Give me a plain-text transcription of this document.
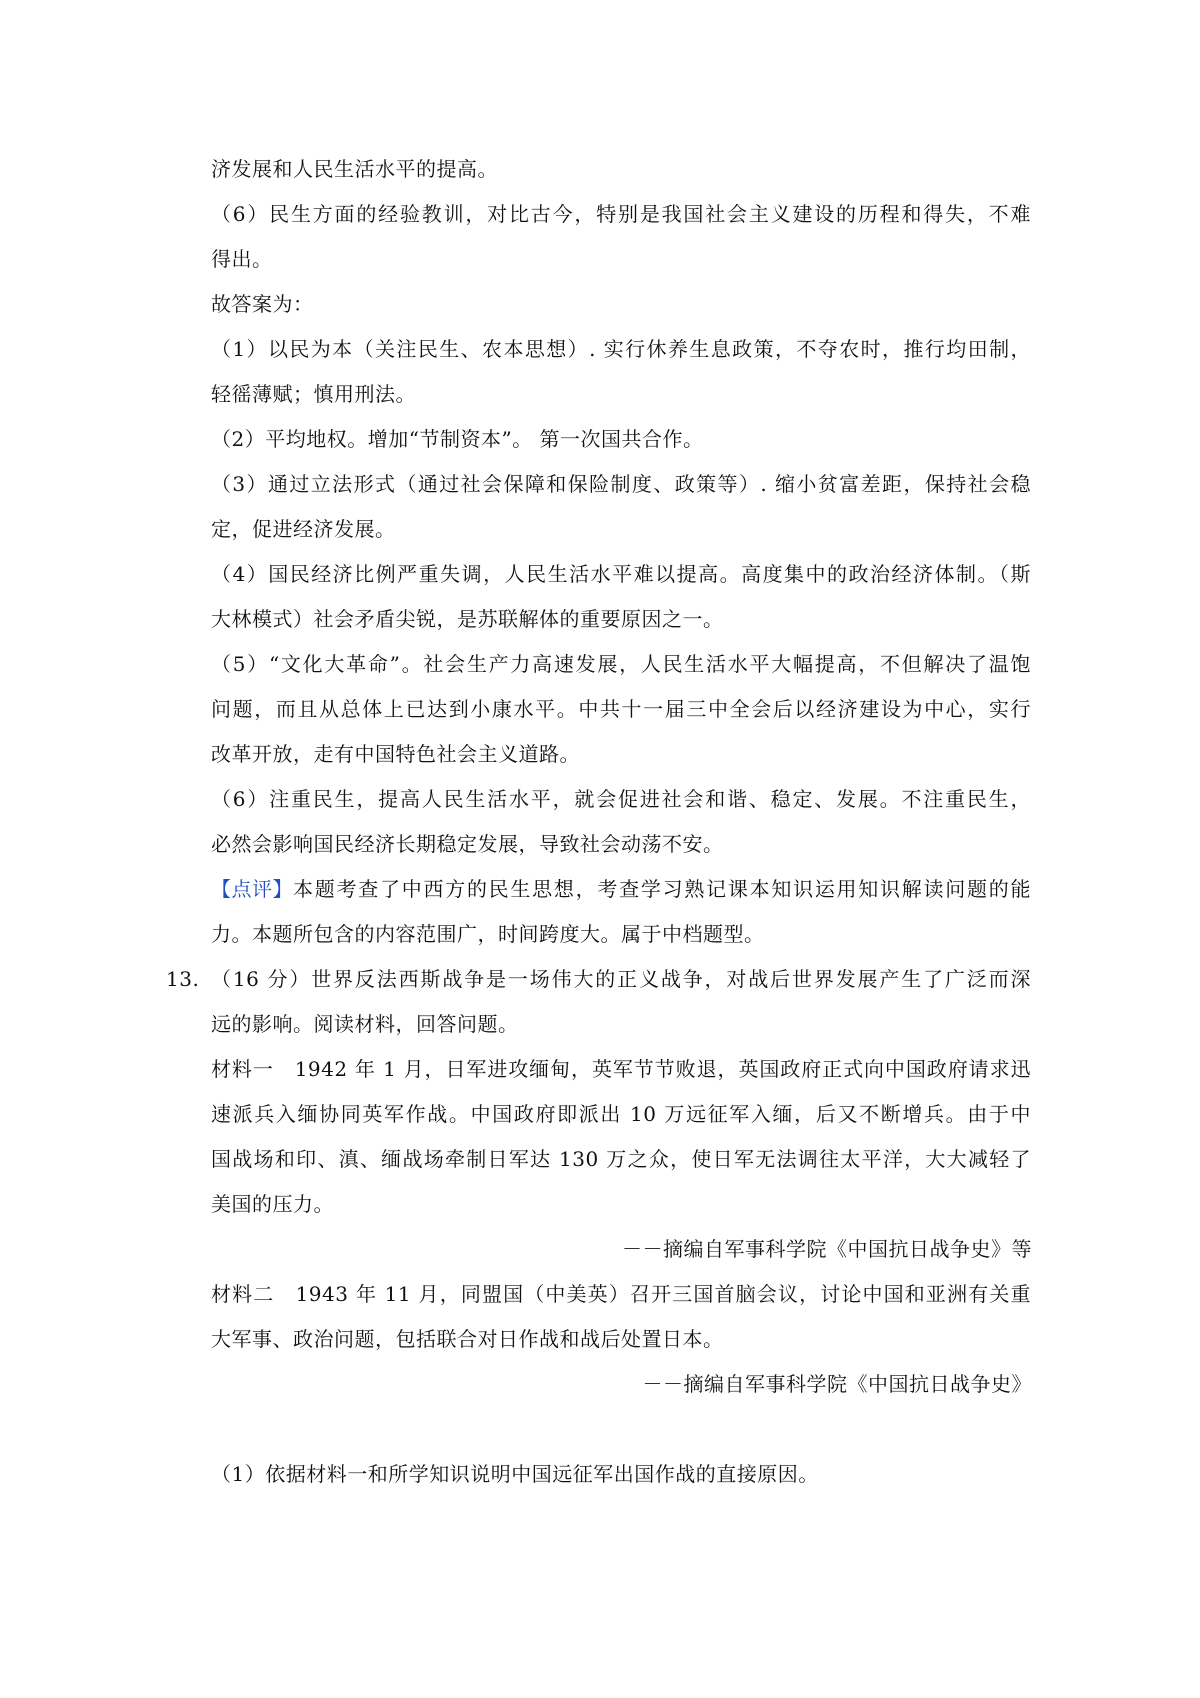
济发展和人民生活水平的提高。
（6）民生方面的经验教训，对比古今，特别是我国社会主义建设的历程和得失，不难
得出。
故答案为：
（1）以民为本（关注民生、农本思想）. 实行休养生息政策，不夺农时，推行均田制，
轻徭薄赋；慎用刑法。
（2）平均地权。增加“节制资本”。 第一次国共合作。
（3）通过立法形式（通过社会保障和保险制度、政策等）. 缩小贫富差距，保持社会稳
定，促进经济发展。
（4）国民经济比例严重失调，人民生活水平难以提高。高度集中的政治经济体制。（斯
大林模式）社会矛盾尖锐，是苏联解体的重要原因之一。
（5）“文化大革命”。社会生产力高速发展，人民生活水平大幅提高，不但解决了温饱
问题，而且从总体上已达到小康水平。中共十一届三中全会后以经济建设为中心，实行
改革开放，走有中国特色社会主义道路。
（6）注重民生，提高人民生活水平，就会促进社会和谐、稳定、发展。不注重民生，
必然会影响国民经济长期稳定发展，导致社会动荡不安。
【点评】 本题考查了中西方的民生思想，考查学习熟记课本知识运用知识解读问题的能
力。本题所包含的内容范围广，时间跨度大。属于中档题型。
13. （16 分）世界反法西斯战争是一场伟大的正义战争，对战后世界发展产生了广泛而深
远的影响。阅读材料，回答问题。
材料一　1942 年 1 月，日军进攻缅甸，英军节节败退，英国政府正式向中国政府请求迅
速派兵入缅协同英军作战。中国政府即派出 10 万远征军入缅，后又不断增兵。由于中
国战场和印、滇、缅战场牵制日军达 130 万之众，使日军无法调往太平洋，大大减轻了
美国的压力。
－－摘编自军事科学院《中国抗日战争史》等
材料二　1943 年 11 月，同盟国（中美英）召开三国首脑会议，讨论中国和亚洲有关重
大军事、政治问题，包括联合对日作战和战后处置日本。
－－摘编自军事科学院《中国抗日战争史》
（1）依据材料一和所学知识说明中国远征军出国作战的直接原因。
